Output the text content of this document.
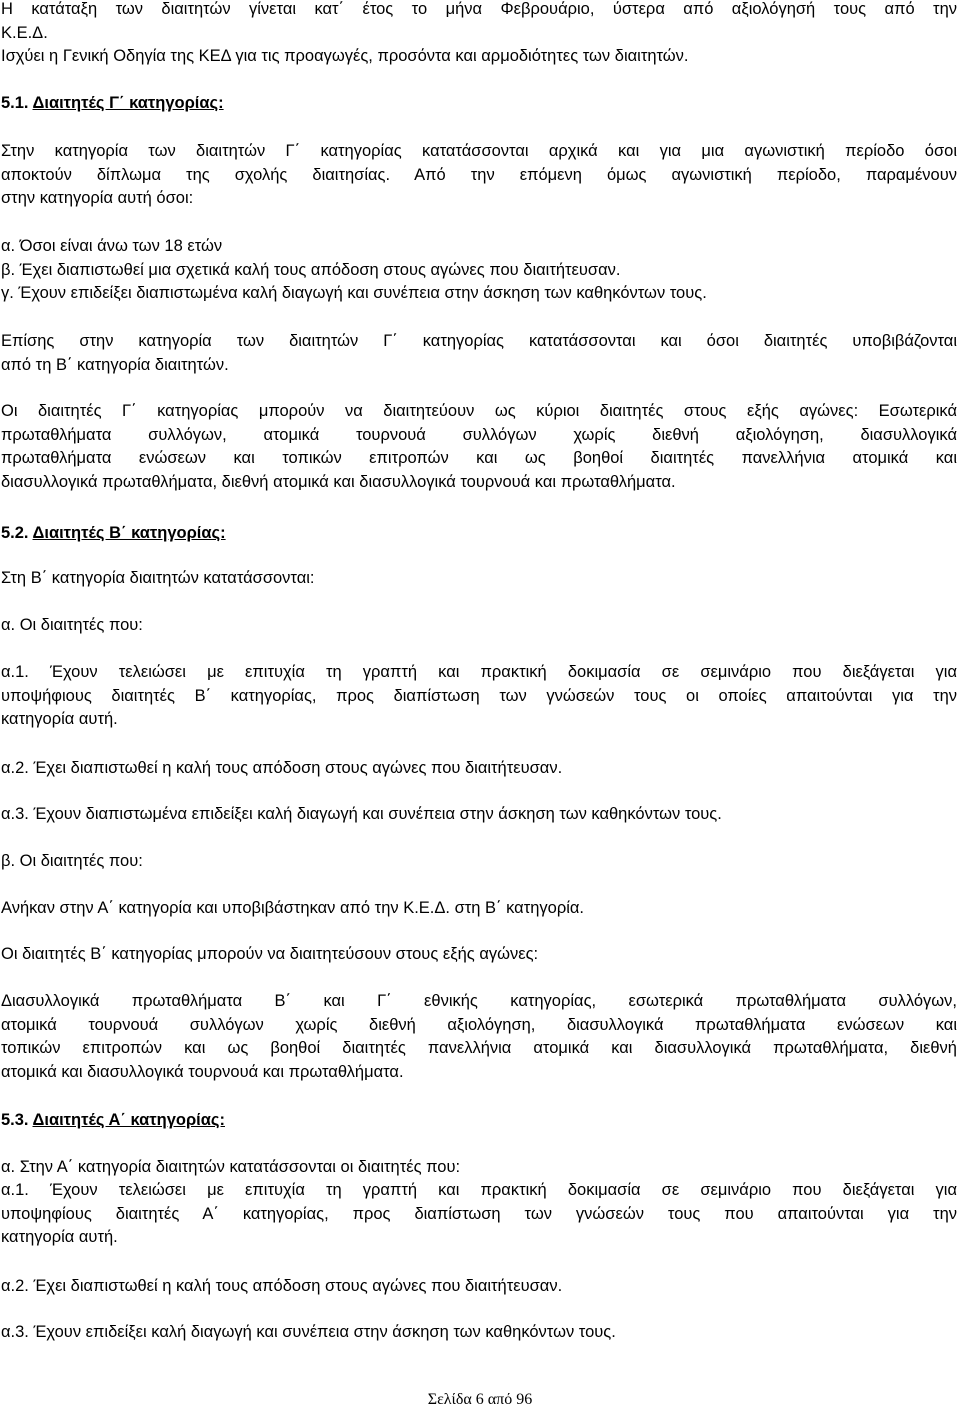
Η κατάταξη των διαιτητών γίνεται κατ΄ έτος το μήνα Φεβρουάριο, ύστερα από αξιολόγησή τους από την
Κ.Ε.Δ.
Ισχύει η Γενική Οδηγία της ΚΕΔ για τις προαγωγές, προσόντα και αρμοδιότητες των διαιτητών.
5.1. Διαιτητές Γ΄ κατηγορίας:
Στην κατηγορία των διαιτητών Γ΄ κατηγορίας κατατάσσονται αρχικά και για μια αγωνιστική περίοδο όσοι
αποκτούν δίπλωμα της σχολής διαιτησίας. Από την επόμενη όμως αγωνιστική περίοδο, παραμένουν
στην κατηγορία αυτή όσοι:
α. Όσοι είναι άνω των 18 ετών
β. Έχει διαπιστωθεί μια σχετικά καλή τους απόδοση στους αγώνες που διαιτήτευσαν.
γ. Έχουν επιδείξει διαπιστωμένα καλή διαγωγή και συνέπεια στην άσκηση των καθηκόντων τους.
Επίσης στην κατηγορία των διαιτητών Γ΄ κατηγορίας κατατάσσονται και όσοι διαιτητές υποβιβάζονται
από τη Β΄ κατηγορία διαιτητών.
Οι διαιτητές Γ΄ κατηγορίας μπορούν να διαιτητεύουν ως κύριοι διαιτητές στους εξής αγώνες: Εσωτερικά
πρωταθλήματα συλλόγων, ατομικά τουρνουά συλλόγων χωρίς διεθνή αξιολόγηση, διασυλλογικά
πρωταθλήματα ενώσεων και τοπικών επιτροπών και ως βοηθοί διαιτητές πανελλήνια ατομικά και
διασυλλογικά πρωταθλήματα, διεθνή ατομικά και διασυλλογικά τουρνουά και πρωταθλήματα.
5.2. Διαιτητές Β΄ κατηγορίας:
Στη Β΄ κατηγορία διαιτητών κατατάσσονται:
α. Οι διαιτητές που:
α.1. Έχουν τελειώσει με επιτυχία τη γραπτή και πρακτική δοκιμασία σε σεμινάριο που διεξάγεται για
υποψήφιους διαιτητές Β΄ κατηγορίας, προς διαπίστωση των γνώσεών τους οι οποίες απαιτούνται για την
κατηγορία αυτή.
α.2. Έχει διαπιστωθεί η καλή τους απόδοση στους αγώνες που διαιτήτευσαν.
α.3. Έχουν διαπιστωμένα επιδείξει καλή διαγωγή και συνέπεια στην άσκηση των καθηκόντων τους.
β. Οι διαιτητές που:
Ανήκαν στην Α΄ κατηγορία και υποβιβάστηκαν από την Κ.Ε.Δ. στη Β΄ κατηγορία.
Οι διαιτητές Β΄ κατηγορίας μπορούν να διαιτητεύσουν στους εξής αγώνες:
Διασυλλογικά πρωταθλήματα Β΄ και Γ΄ εθνικής κατηγορίας, εσωτερικά πρωταθλήματα συλλόγων,
ατομικά τουρνουά συλλόγων χωρίς διεθνή αξιολόγηση, διασυλλογικά πρωταθλήματα ενώσεων και
τοπικών επιτροπών και ως βοηθοί διαιτητές πανελλήνια ατομικά και διασυλλογικά πρωταθλήματα, διεθνή
ατομικά και διασυλλογικά τουρνουά και πρωταθλήματα.
5.3. Διαιτητές Α΄ κατηγορίας:
α. Στην Α΄ κατηγορία διαιτητών κατατάσσονται οι διαιτητές που:
α.1. Έχουν τελειώσει με επιτυχία τη γραπτή και πρακτική δοκιμασία σε σεμινάριο που διεξάγεται για
υποψηφίους διαιτητές Α΄ κατηγορίας, προς διαπίστωση των γνώσεών τους που απαιτούνται για την
κατηγορία αυτή.
α.2. Έχει διαπιστωθεί η καλή τους απόδοση στους αγώνες που διαιτήτευσαν.
α.3. Έχουν επιδείξει καλή διαγωγή και συνέπεια στην άσκηση των καθηκόντων τους.
Σελίδα 6 από 96
